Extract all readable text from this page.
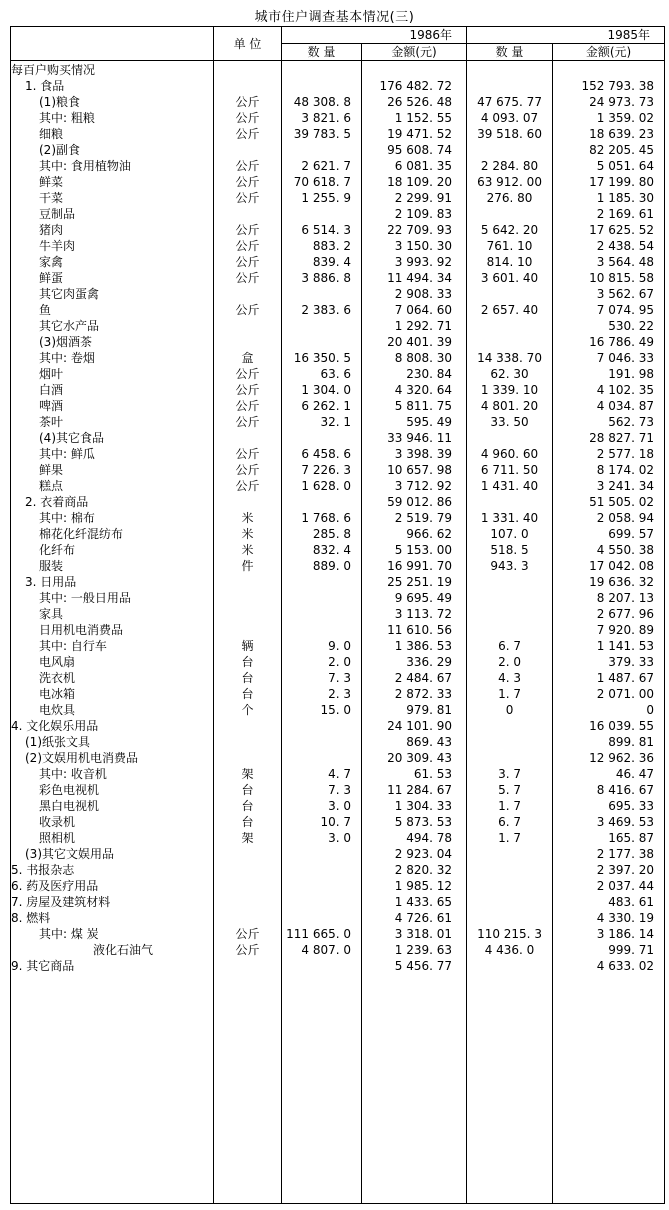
城市住户调查基本情况(三)
	单 位	1986年		1985年	
		数 量	金额(元)	数 量	金额(元)
每百户购买情况					
1. 食品			176 482. 72		152 793. 38
(1)粮食	公斤	48 308. 8	26 526. 48	47 675. 77	24 973. 73
其中: 粗粮	公斤	3 821. 6	1 152. 55	4 093. 07	1 359. 02
细粮	公斤	39 783. 5	19 471. 52	39 518. 60	18 639. 23
(2)副食			95 608. 74		82 205. 45
其中: 食用植物油	公斤	2 621. 7	6 081. 35	2 284. 80	5 051. 64
鲜菜	公斤	70 618. 7	18 109. 20	63 912. 00	17 199. 80
干菜	公斤	1 255. 9	2 299. 91	276. 80	1 185. 30
豆制品			2 109. 83		2 169. 61
猪肉	公斤	6 514. 3	22 709. 93	5 642. 20	17 625. 52
牛羊肉	公斤	883. 2	3 150. 30	761. 10	2 438. 54
家禽	公斤	839. 4	3 993. 92	814. 10	3 564. 48
鲜蛋	公斤	3 886. 8	11 494. 34	3 601. 40	10 815. 58
其它肉蛋禽			2 908. 33		3 562. 67
鱼	公斤	2 383. 6	7 064. 60	2 657. 40	7 074. 95
其它水产品			1 292. 71		530. 22
(3)烟酒茶			20 401. 39		16 786. 49
其中: 卷烟	盒	16 350. 5	8 808. 30	14 338. 70	7 046. 33
烟叶	公斤	63. 6	230. 84	62. 30	191. 98
白酒	公斤	1 304. 0	4 320. 64	1 339. 10	4 102. 35
啤酒	公斤	6 262. 1	5 811. 75	4 801. 20	4 034. 87
茶叶	公斤	32. 1	595. 49	33. 50	562. 73
(4)其它食品			33 946. 11		28 827. 71
其中: 鲜瓜	公斤	6 458. 6	3 398. 39	4 960. 60	2 577. 18
鲜果	公斤	7 226. 3	10 657. 98	6 711. 50	8 174. 02
糕点	公斤	1 628. 0	3 712. 92	1 431. 40	3 241. 34
2. 衣着商品			59 012. 86		51 505. 02
其中: 棉布	米	1 768. 6	2 519. 79	1 331. 40	2 058. 94
棉花化纤混纺布	米	285. 8	966. 62	107. 0	699. 57
化纤布	米	832. 4	5 153. 00	518. 5	4 550. 38
服装	件	889. 0	16 991. 70	943. 3	17 042. 08
3. 日用品			25 251. 19		19 636. 32
其中: 一般日用品			9 695. 49		8 207. 13
家具			3 113. 72		2 677. 96
日用机电消费品			11 610. 56		7 920. 89
其中: 自行车	辆	9. 0	1 386. 53	6. 7	1 141. 53
电风扇	台	2. 0	336. 29	2. 0	379. 33
洗衣机	台	7. 3	2 484. 67	4. 3	1 487. 67
电冰箱	台	2. 3	2 872. 33	1. 7	2 071. 00
电炊具	个	15. 0	979. 81	0	0
4. 文化娱乐用品			24 101. 90		16 039. 55
(1)纸张文具			869. 43		899. 81
(2)文娱用机电消费品			20 309. 43		12 962. 36
其中: 收音机	架	4. 7	61. 53	3. 7	46. 47
彩色电视机	台	7. 3	11 284. 67	5. 7	8 416. 67
黑白电视机	台	3. 0	1 304. 33	1. 7	695. 33
收录机	台	10. 7	5 873. 53	6. 7	3 469. 53
照相机	架	3. 0	494. 78	1. 7	165. 87
(3)其它文娱用品			2 923. 04		2 177. 38
5. 书报杂志			2 820. 32		2 397. 20
6. 药及医疗用品			1 985. 12		2 037. 44
7. 房屋及建筑材料			1 433. 65		483. 61
8. 燃料			4 726. 61		4 330. 19
其中: 煤 炭	公斤	111 665. 0	3 318. 01	110 215. 3	3 186. 14
液化石油气	公斤	4 807. 0	1 239. 63	4 436. 0	999. 71
9. 其它商品			5 456. 77		4 633. 02
